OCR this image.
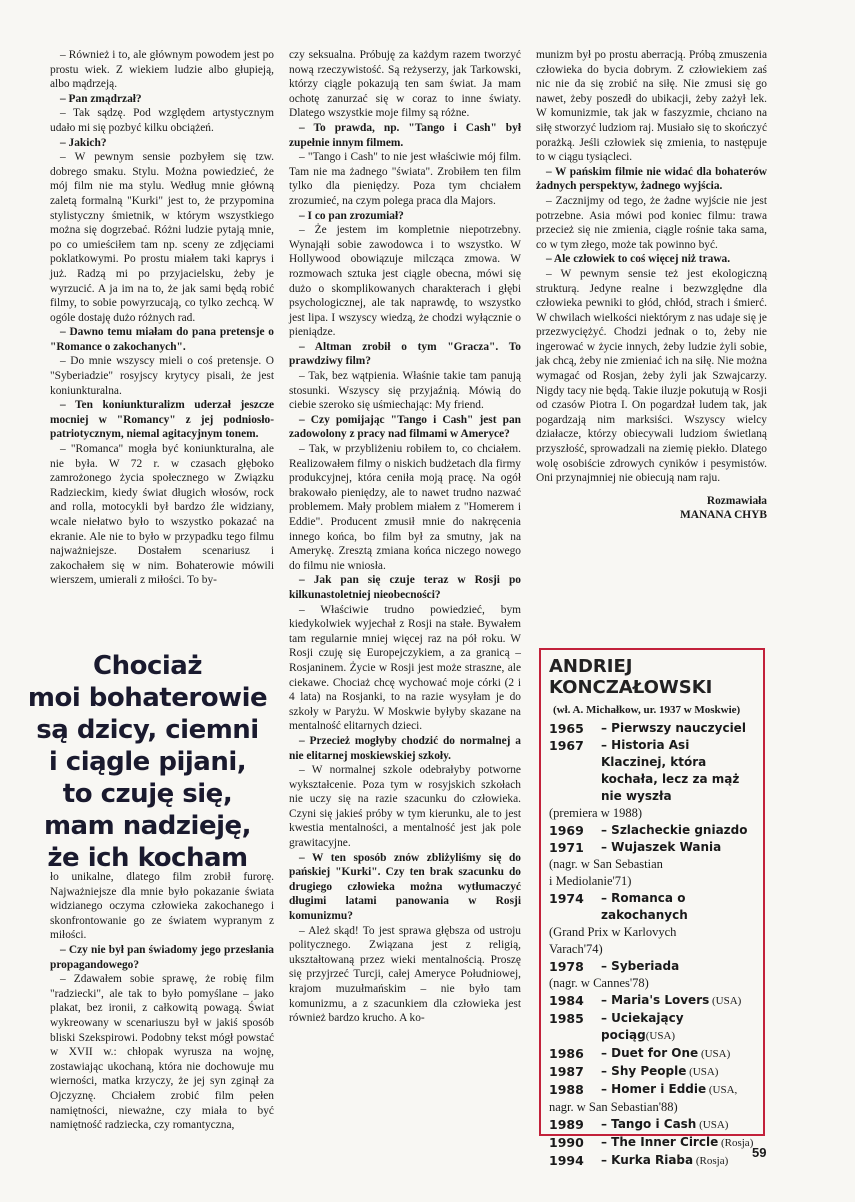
– Również i to, ale głównym powodem jest po prostu wiek. Z wiekiem ludzie albo głupieją, albo mądrzeją.

– Pan zmądrzał?

– Tak sądzę. Pod względem artystycznym udało mi się pozbyć kilku obciążeń.

– Jakich?

– W pewnym sensie pozbyłem się tzw. dobrego smaku. Stylu. Można powiedzieć, że mój film nie ma stylu. Według mnie główną zaletą formalną "Kurki" jest to, że przypomina stylistyczny śmietnik, w którym wszystkiego można się dogrzebać. Różni ludzie pytają mnie, po co umieściłem tam np. sceny ze zdjęciami poklatkowymi. Po prostu miałem taki kaprys i już. Radzą mi po przyjacielsku, żeby je wyrzucić. A ja im na to, że jak sami będą robić filmy, to sobie powyrzucają, co tylko zechcą. W ogóle dostaję dużo różnych rad.

– Dawno temu miałam do pana pretensje o "Romance o zakochanych".

– Do mnie wszyscy mieli o coś pretensje. O "Syberiadzie" rosyjscy krytycy pisali, że jest koniunkturalna.

– Ten koniunkturalizm uderzał jeszcze mocniej w "Romancy" z jej podniosło-patriotycznym, niemal agitacyjnym tonem.

– "Romanca" mogła być koniunkturalna, ale nie była. W 72 r. w czasach głęboko zamrożonego życia społecznego w Związku Radzieckim, kiedy świat długich włosów, rock and rolla, motocykli był bardzo źle widziany, wcale niełatwo było to wszystko pokazać na ekranie. Ale nie to było w przypadku tego filmu najważniejsze. Dostałem scenariusz i zakochałem się w nim. Bohaterowie mówili wierszem, umierali z miłości. To by-

czy seksualna. Próbuję za każdym razem tworzyć nową rzeczywistość. Są reżyserzy, jak Tarkowski, którzy ciągle pokazują ten sam świat. Ja mam ochotę zanurzać się w coraz to inne światy. Dlatego wszystkie moje filmy są różne.

– To prawda, np. "Tango i Cash" był zupełnie innym filmem.

– "Tango i Cash" to nie jest właściwie mój film. Tam nie ma żadnego "świata". Zrobiłem ten film tylko dla pieniędzy. Poza tym chciałem zrozumieć, na czym polega praca dla Majors.

– I co pan zrozumiał?

– Że jestem im kompletnie niepotrzebny. Wynająłi sobie zawodowca i to wszystko. W Hollywood obowiązuje milcząca zmowa. W rozmowach sztuka jest ciągle obecna, mówi się dużo o skomplikowanych charakterach i głębi psychologicznej, ale tak naprawdę, to wszystko jest lipa. I wszyscy wiedzą, że chodzi wyłącznie o pieniądze.

– Altman zrobił o tym "Gracza". To prawdziwy film?

– Tak, bez wątpienia. Właśnie takie tam panują stosunki. Wszyscy się przyjaźnią. Mówią do ciebie szeroko się uśmiechając: My friend.

– Czy pomijając "Tango i Cash" jest pan zadowolony z pracy nad filmami w Ameryce?

– Tak, w przybliżeniu robiłem to, co chciałem. Realizowałem filmy o niskich budżetach dla firmy produkcyjnej, która ceniła moją pracę. Na ogół brakowało pieniędzy, ale to nawet trudno nazwać problemem. Mały problem miałem z "Homerem i Eddie". Producent zmusił mnie do nakręcenia innego końca, bo film był za smutny, jak na Amerykę. Zresztą zmiana końca niczego nowego do filmu nie wniosła.

– Jak pan się czuje teraz w Rosji po kilkunastoletniej nieobecności?

– Właściwie trudno powiedzieć, bym kiedykolwiek wyjechał z Rosji na stałe. Bywałem tam regularnie mniej więcej raz na pół roku. W Rosji czuję się Europejczykiem, a za granicą – Rosjaninem. Życie w Rosji jest może straszne, ale ciekawe. Chociaż chcę wychować moje córki (2 i 4 lata) na Rosjanki, to na razie wysyłam je do szkoły w Paryżu. W Moskwie byłyby skazane na mentalność elitarnych dzieci.

– Przecież mogłyby chodzić do normalnej a nie elitarnej moskiewskiej szkoły.

– W normalnej szkole odebrałyby potworne wykształcenie. Poza tym w rosyjskich szkołach nie uczy się na razie szacunku do człowieka. Czyni się jakieś próby w tym kierunku, ale to jest kwestia mentalności, a mentalność jest jak pole grawitacyjne.

– W ten sposób znów zbliżyliśmy się do pańskiej "Kurki". Czy ten brak szacunku do drugiego człowieka można wytłumaczyć długimi latami panowania w Rosji komunizmu?

– Ależ skąd! To jest sprawa głębsza od ustroju politycznego. Związana jest z religią, ukształtowaną przez wieki mentalnością. Proszę się przyjrzeć Turcji, całej Ameryce Południowej, krajom muzułmańskim – nie było tam komunizmu, a z szacunkiem dla człowieka jest również bardzo krucho. A ko-

munizm był po prostu aberracją. Próbą zmuszenia człowieka do bycia dobrym. Z człowiekiem zaś nic nie da się zrobić na siłę. Nie zmusi się go nawet, żeby poszedł do ubikacji, żeby zażył lek. W komunizmie, tak jak w faszyzmie, chciano na siłę stworzyć ludziom raj. Musiało się to skończyć porażką. Jeśli człowiek się zmienia, to następuje to w ciągu tysiącleci.

– W pańskim filmie nie widać dla bohaterów żadnych perspektyw, żadnego wyjścia.

– Zacznijmy od tego, że żadne wyjście nie jest potrzebne. Asia mówi pod koniec filmu: trawa przecież się nie zmienia, ciągle rośnie taka sama, co w tym złego, może tak powinno być.

– Ale człowiek to coś więcej niż trawa.

– W pewnym sensie też jest ekologiczną strukturą. Jedyne realne i bezwzględne dla człowieka pewniki to głód, chłód, strach i śmierć. W chwilach wielkości niektórym z nas udaje się je przezwyciężyć. Chodzi jednak o to, żeby nie ingerować w życie innych, żeby ludzie żyli sobie, jak chcą, żeby nie zmieniać ich na siłę. Nie można wymagać od Rosjan, żeby żyli jak Szwajcarzy. Nigdy tacy nie będą. Takie iluzje pokutują w Rosji od czasów Piotra I. On pogardzał ludem tak, jak pogardzają nim marksiści. Wszyscy wielcy działacze, którzy obiecywali ludziom świetlaną przyszłość, sprowadzali na ziemię piekło. Dlatego wolę osobiście zdrowych cyników i pesymistów. Oni przynajmniej nie obiecują nam raju.

Rozmawiała
MANANA CHYB
Chociaż
moi bohaterowie
są dzicy, ciemni
i ciągle pijani,
to czuję się,
mam nadzieję,
że ich kocham

ło unikalne, dlatego film zrobił furorę. Najważniejsze dla mnie było pokazanie świata widzianego oczyma człowieka zakochanego i skonfrontowanie go ze światem wypranym z miłości.

– Czy nie był pan świadomy jego przesłania propagandowego?

– Zdawałem sobie sprawę, że robię film "radziecki", ale tak to było pomyślane – jako plakat, bez ironii, z całkowitą powagą. Świat wykreowany w scenariuszu był w jakiś sposób bliski Szekspirowi. Podobny tekst mógł powstać w XVII w.: chłopak wyrusza na wojnę, zostawiając ukochaną, która nie dochowuje mu wierności, matka krzyczy, że jej syn zginął za Ojczyznę. Chciałem zrobić film pełen namiętności, nieważne, czy miała to być namiętność radziecka, czy romantyczna,

ANDRIEJ
KONCZAŁOWSKI
(wł. A. Michałkow, ur. 1937 w Moskwie)
1965	– Pierwszy nauczyciel
1967	– Historia Asi Klaczinej, która kochała, lecz za mąż nie wyszła
(premiera w 1988)
1969	– Szlacheckie gniazdo
1971	– Wujaszek Wania
(nagr. w San Sebastian
i Mediolanie'71)
1974	– Romanca o zakochanych
(Grand Prix w Karlovych
Varach'74)
1978	– Syberiada
(nagr. w Cannes'78)
1984	– Maria's Lovers (USA)
1985	– Uciekający pociąg(USA)
1986	– Duet for One (USA)
1987	– Shy People (USA)
1988	– Homer i Eddie (USA,
nagr. w San Sebastian'88)
1989	– Tango i Cash (USA)
1990	– The Inner Circle (Rosja)
1994	– Kurka Riaba (Rosja)
59
